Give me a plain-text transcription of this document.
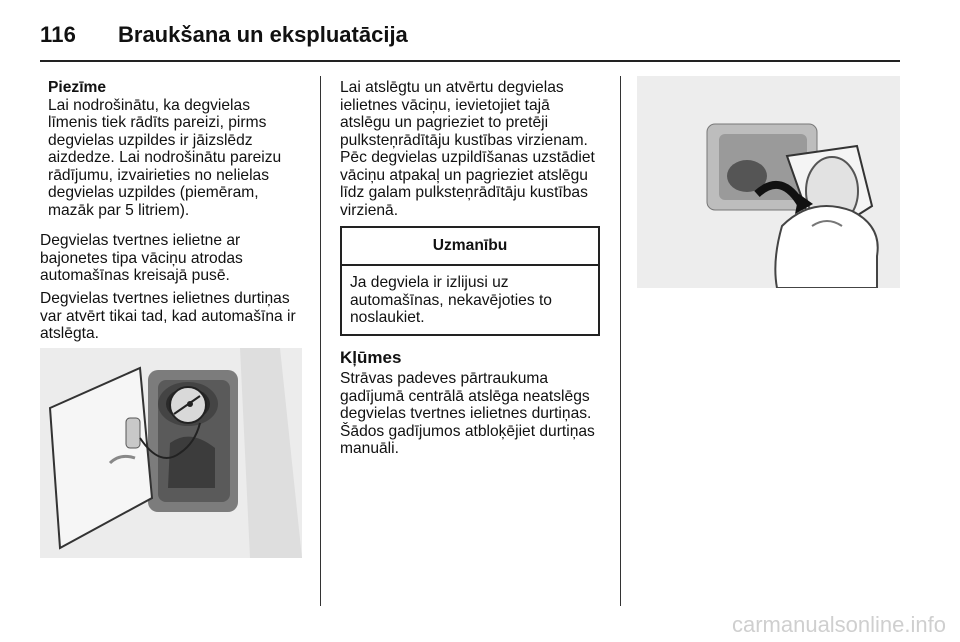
116 Braukšana un ekspluatācija

Piezīme

Lai nodrošinātu, ka degvielas

līmenis tiek rādīts pareizi, pirms

degvielas uzpildes ir jāizslēdz

aizdedze. Lai nodrošinātu pareizu

rādījumu, izvairieties no nelielas

degvielas uzpildes (piemēram,

mazāk par 5 litriem).

Degvielas tvertnes ielietne ar

bajonetes tipa vāciņu atrodas

automašīnas kreisajā pusē.

Degvielas tvertnes ielietnes durtiņas

var atvērt tikai tad, kad automašīna ir

atslēgta.

Lai atslēgtu un atvērtu degvielas

ielietnes vāciņu, ievietojiet tajā

atslēgu un pagrieziet to pretēji

pulksteņrādītāju kustības virzienam.

Pēc degvielas uzpildīšanas uzstādiet

vāciņu atpakaļ un pagrieziet atslēgu

līdz galam pulksteņrādītāju kustības

virzienā.

Uzmanību

Ja degviela ir izlijusi uz

automašīnas, nekavējoties to

noslaukiet.

Kļūmes

Strāvas padeves pārtraukuma

gadījumā centrālā atslēga neatslēgs

degvielas tvertnes ielietnes durtiņas.

Šādos gadījumos atbloķējiet durtiņas

manuāli.

carmanualsonline.info
